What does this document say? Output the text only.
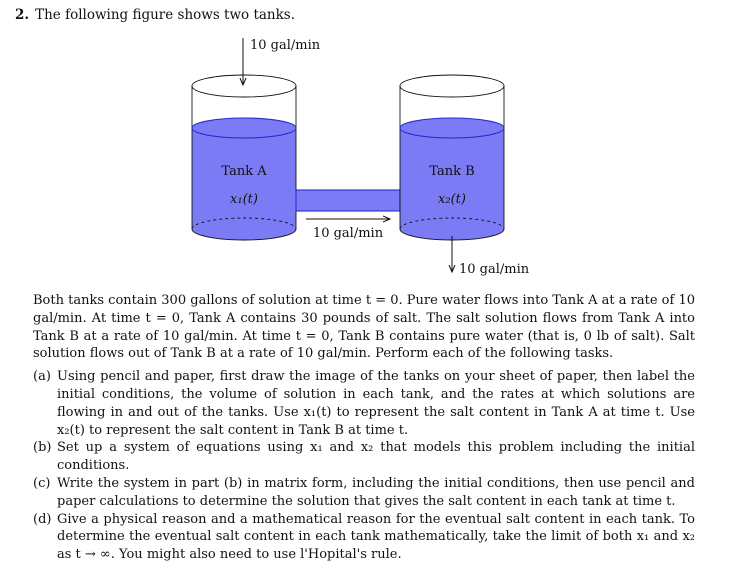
2. The following figure shows two tanks.
10 gal/min
Tank A
x₁(t)
Tank B
x₂(t)
10 gal/min
10 gal/min

Both tanks contain 300 gallons of solution at time t = 0. Pure water flows into Tank A at a rate of 10 gal/min. At time t = 0, Tank A contains 30 pounds of salt. The salt solution flows from Tank A into Tank B at a rate of 10 gal/min. At time t = 0, Tank B contains pure water (that is, 0 lb of salt). Salt solution flows out of Tank B at a rate of 10 gal/min. Perform each of the following tasks.

(a) Using pencil and paper, first draw the image of the tanks on your sheet of paper, then label the initial conditions, the volume of solution in each tank, and the rates at which solutions are flowing in and out of the tanks. Use x₁(t) to represent the salt content in Tank A at time t. Use x₂(t) to represent the salt content in Tank B at time t.
(b) Set up a system of equations using x₁ and x₂ that models this problem including the initial conditions.
(c) Write the system in part (b) in matrix form, including the initial conditions, then use pencil and paper calculations to determine the solution that gives the salt content in each tank at time t.
(d) Give a physical reason and a mathematical reason for the eventual salt content in each tank. To determine the eventual salt content in each tank mathematically, take the limit of both x₁ and x₂ as t → ∞. You might also need to use l'Hopital's rule.
